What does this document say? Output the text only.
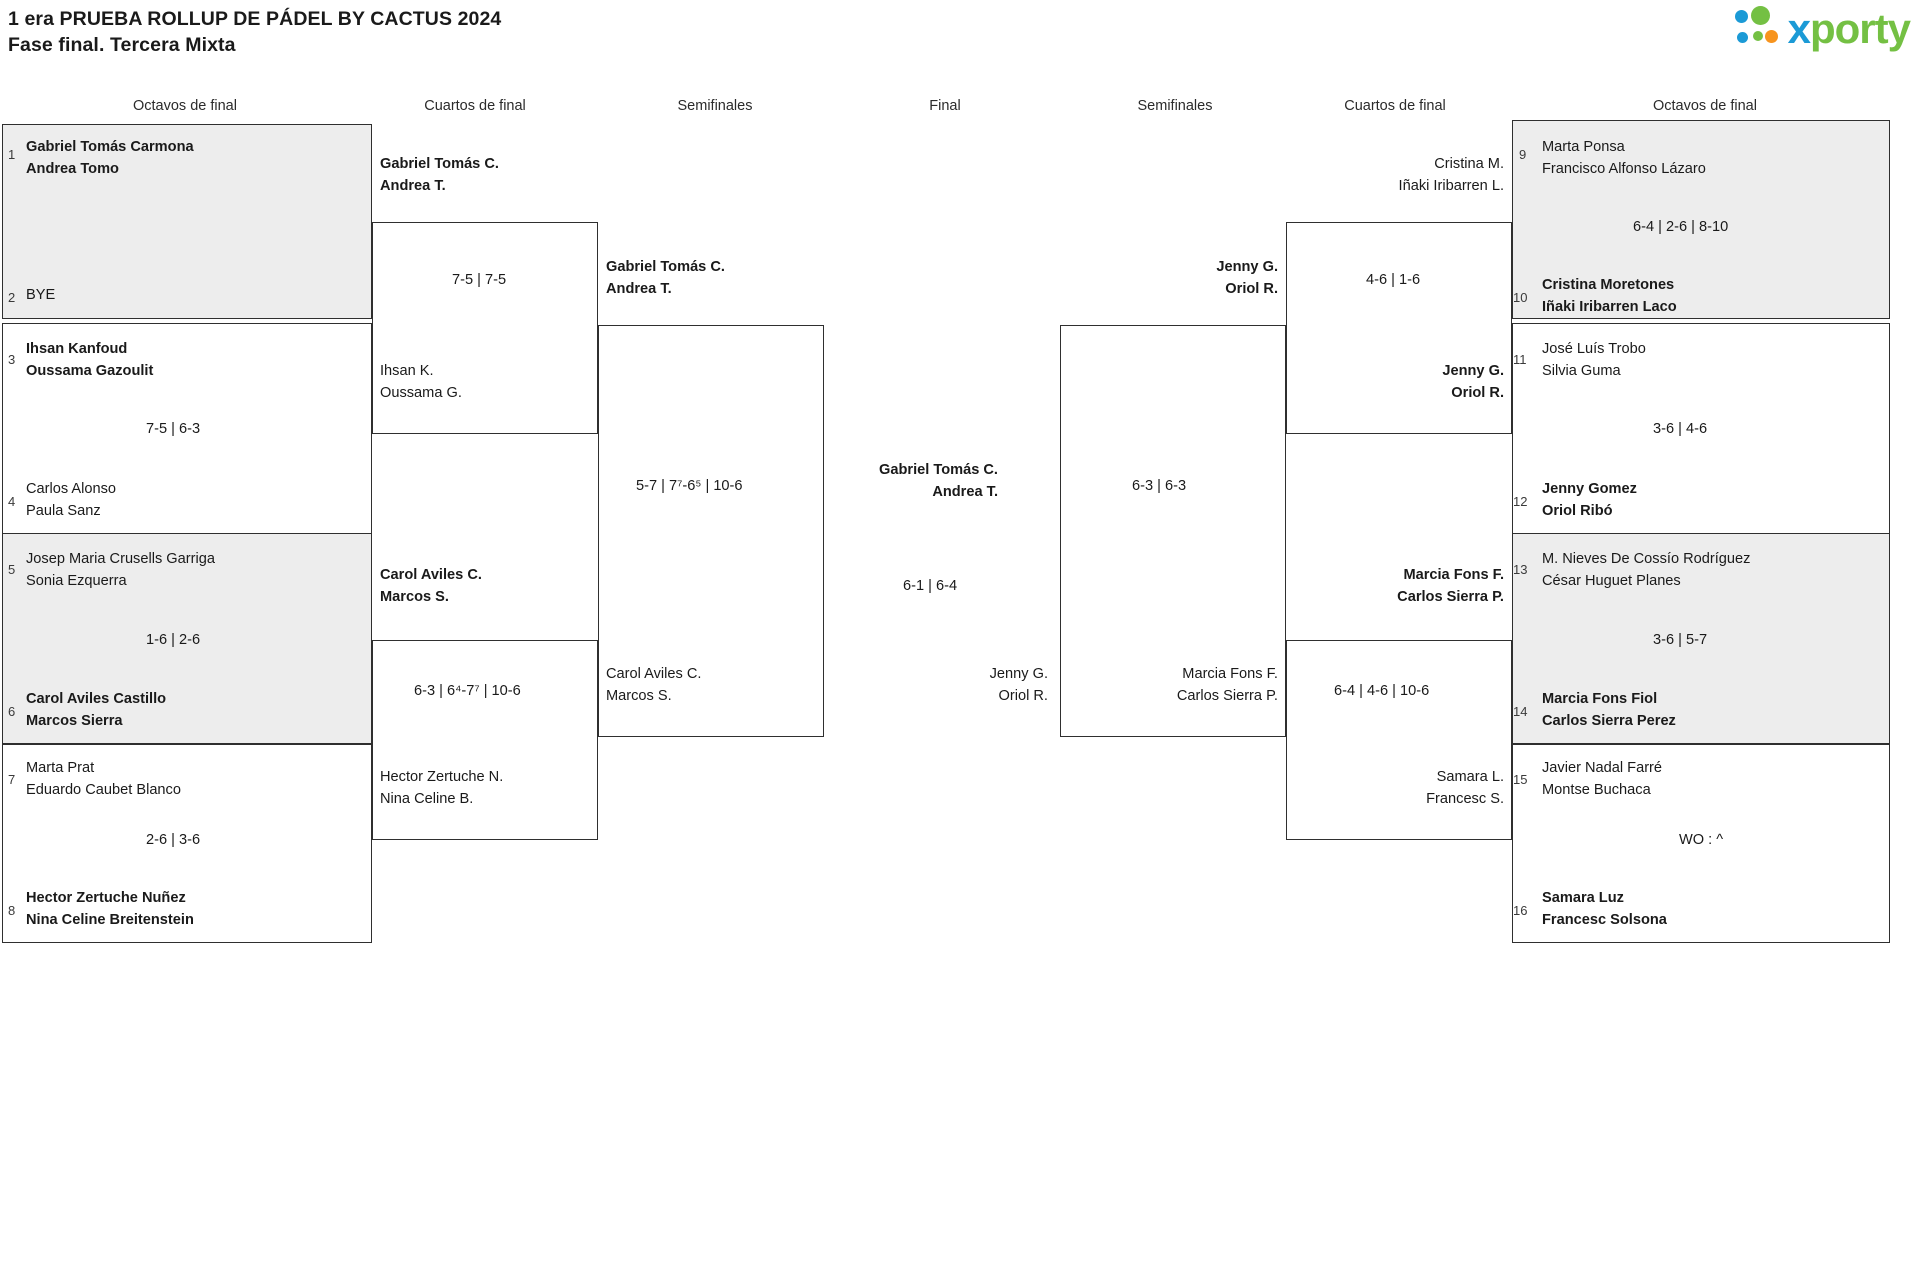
1 era PRUEBA ROLLUP DE PÁDEL BY CACTUS 2024
Fase final. Tercera Mixta	xporty
Octavos de final	Cuartos de final	Semifinales	Final	Semifinales	Cuartos de final	Octavos de final
1 Gabriel Tomás Carmona
Andrea Tomo
2 BYE
3
Ihsan Kanfoud
Oussama Gazoulit
7-5 | 6-3
4
Carlos Alonso
Paula Sanz
5
Josep Maria Crusells Garriga
Sonia Ezquerra
1-6 | 2-6
6
Carol Aviles Castillo
Marcos Sierra
7
Marta Prat
Eduardo Caubet Blanco
2-6 | 3-6
8
Hector Zertuche Nuñez
Nina Celine Breitenstein
Gabriel Tomás C.
Andrea T.
7-5 | 7-5
Ihsan K.
Oussama G.
Carol Aviles C.
Marcos S.
6-3 | 6⁴-7⁷ | 10-6
Hector Zertuche N.
Nina Celine B.
Gabriel Tomás C.
Andrea T.
5-7 | 7⁷-6⁵ | 10-6
Carol Aviles C.
Marcos S.
Gabriel Tomás C.
Andrea T.
6-1 | 6-4
Jenny G.
Oriol R.
Jenny G.
Oriol R.
6-3 | 6-3
Marcia Fons F.
Carlos Sierra P.
Cristina M.
Iñaki Iribarren L.
4-6 | 1-6
Jenny G.
Oriol R.
Marcia Fons F.
Carlos Sierra P.
6-4 | 4-6 | 10-6
Samara L.
Francesc S.
9 Marta Ponsa
Francisco Alfonso Lázaro
6-4 | 2-6 | 8-10
10
Cristina Moretones
Iñaki Iribarren Laco
11
José Luís Trobo
Silvia Guma
3-6 | 4-6
12
Jenny Gomez
Oriol Ribó
13
M. Nieves De Cossío Rodríguez
César Huguet Planes
3-6 | 5-7
14
Marcia Fons Fiol
Carlos Sierra Perez
15
Javier Nadal Farré
Montse Buchaca
WO : ^
16
Samara Luz
Francesc Solsona
